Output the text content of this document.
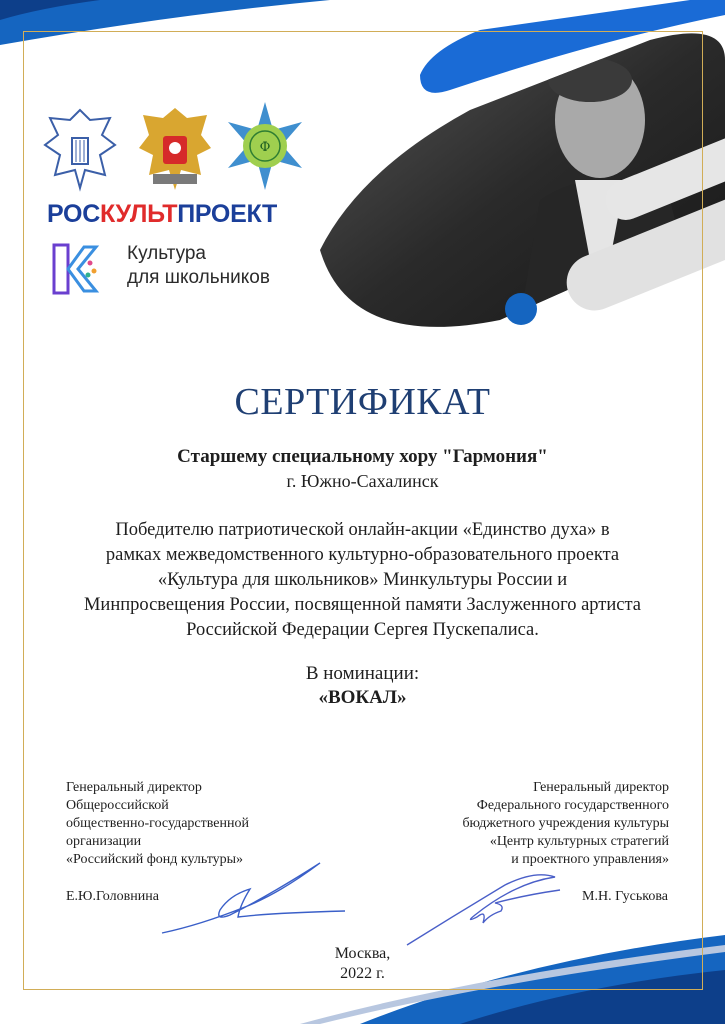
Ф
РОСКУЛЬТПРОЕКТ
Культура
для школьников
СЕРТИФИКАТ
Старшему специальному хору "Гармония"
г. Южно-Сахалинск
Победителю патриотической онлайн-акции «Единство духа» в
рамках межведомственного культурно-образовательного проекта
«Культура для школьников» Минкультуры России и
Минпросвещения России, посвященной памяти Заслуженного артиста
Российской Федерации Сергея Пускепалиса.
В номинации:
«ВОКАЛ»
Генеральный директор
Общероссийской
общественно-государственной
организации
«Российский фонд культуры»
Генеральный директор
Федерального государственного
бюджетного учреждения культуры
«Центр культурных стратегий
и проектного управления»
Е.Ю.Головнина	М.Н. Гуськова
Москва,
2022 г.
